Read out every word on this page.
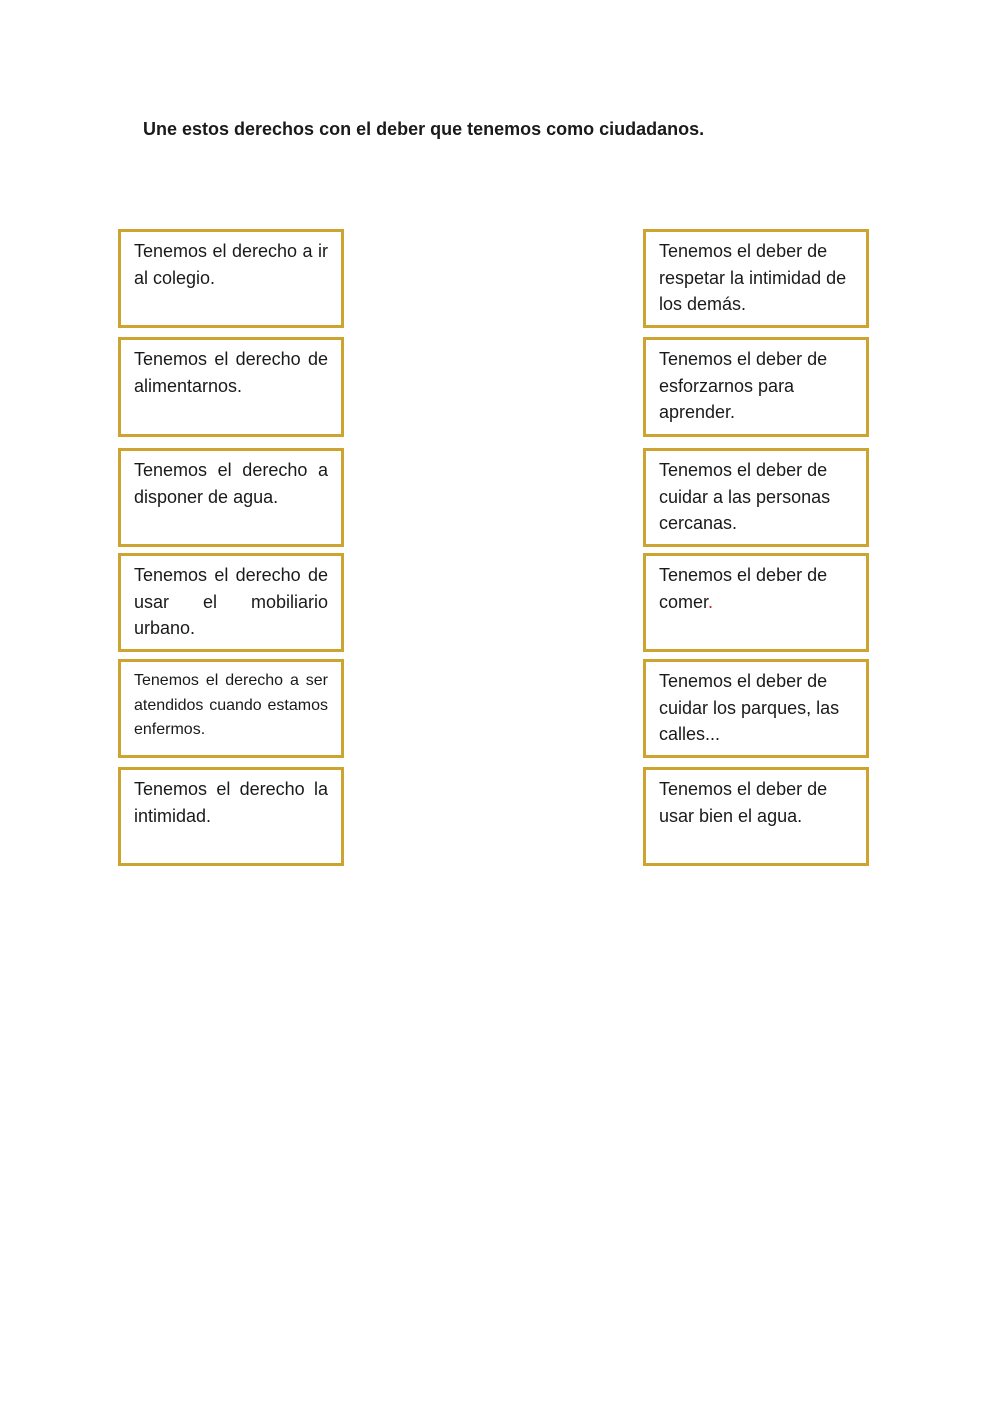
Une estos derechos con el deber que tenemos como ciudadanos.
Tenemos el derecho a ir al colegio.
Tenemos el derecho de alimentarnos.
Tenemos el derecho a disponer de agua.
Tenemos el derecho de usar el mobiliario urbano.
Tenemos el derecho a ser atendidos cuando estamos enfermos.
Tenemos el derecho la intimidad.
Tenemos el deber de respetar la intimidad de los demás.
Tenemos el deber de esforzarnos para aprender.
Tenemos el deber de cuidar a las personas cercanas.
Tenemos el deber de comer.
Tenemos el deber de cuidar los parques, las calles...
Tenemos el deber de usar bien el agua.
